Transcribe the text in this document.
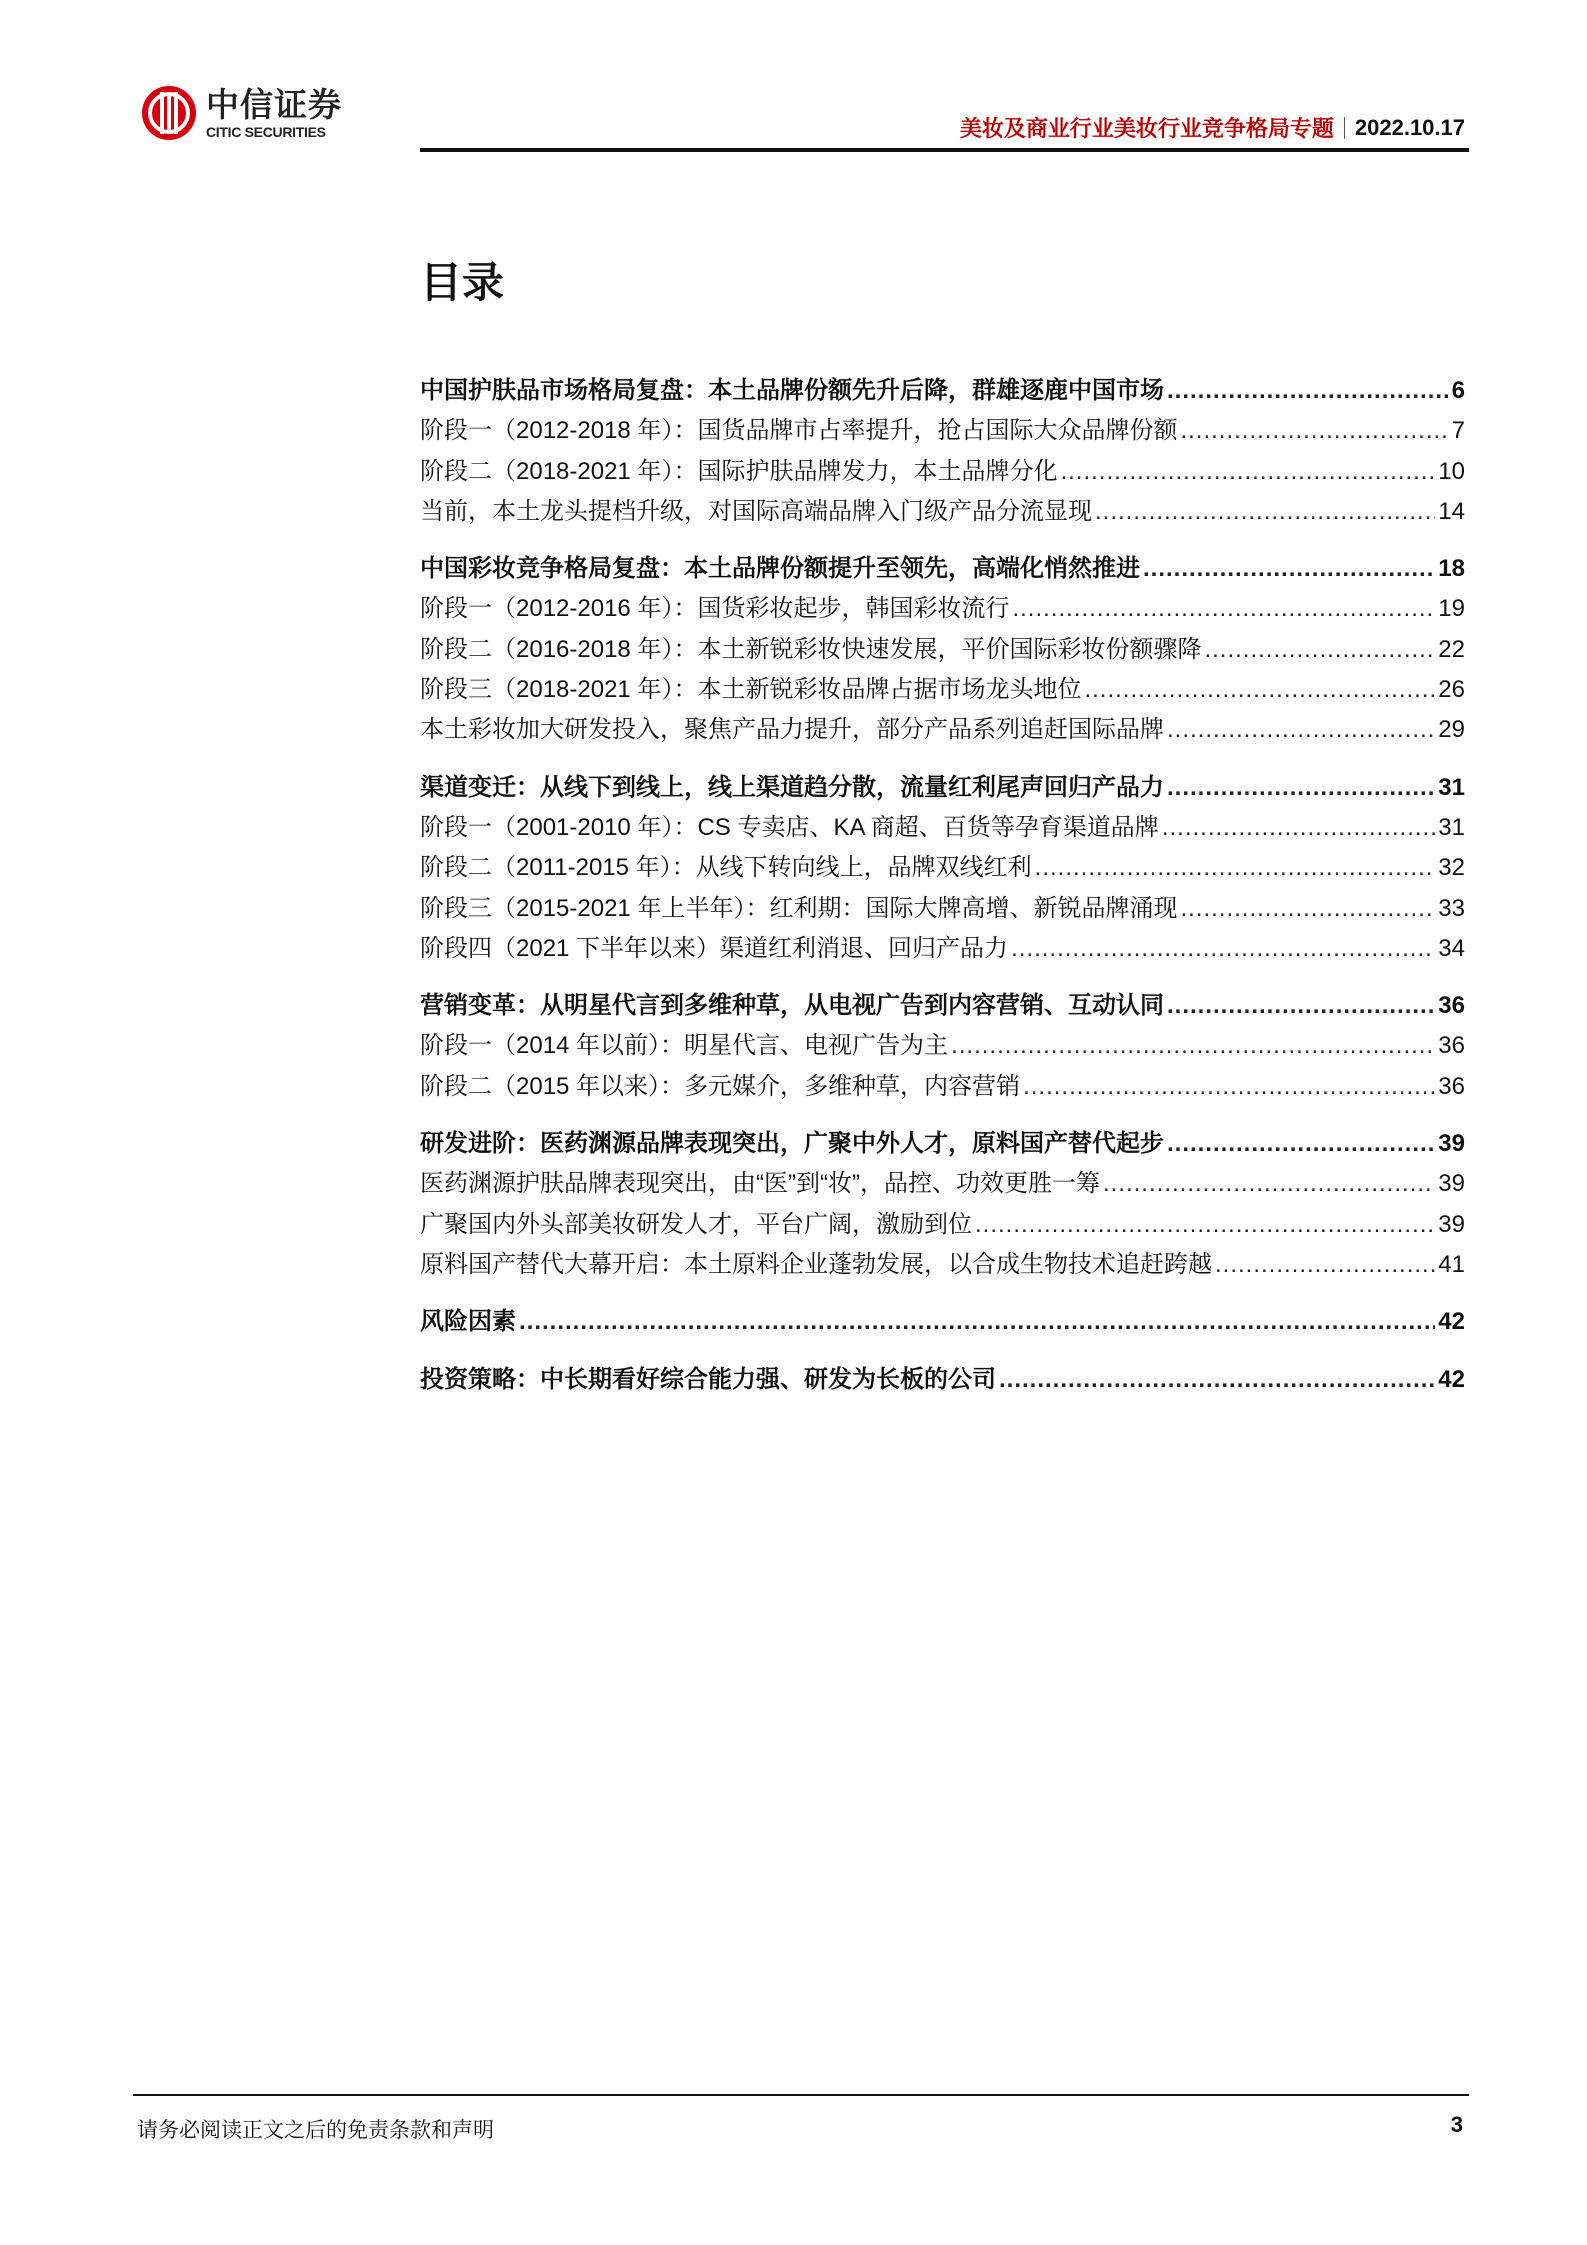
中信证券
CITIC SECURITIES	美妆及商业行业美妆行业竞争格局专题 2022.10.17
目录
中国护肤品市场格局复盘：本土品牌份额先升后降，群雄逐鹿中国市场 .....	6
阶段一（2012-2018 年）：国货品牌市占率提升，抢占国际大众品牌份额 .....	7
阶段二（2018-2021 年）：国际护肤品牌发力，本土品牌分化 .....	10
当前，本土龙头提档升级，对国际高端品牌入门级产品分流显现 .....	14
中国彩妆竞争格局复盘：本土品牌份额提升至领先，高端化悄然推进 .....	18
阶段一（2012-2016 年）：国货彩妆起步，韩国彩妆流行 .....	19
阶段二（2016-2018 年）：本土新锐彩妆快速发展，平价国际彩妆份额骤降 .....	22
阶段三（2018-2021 年）：本土新锐彩妆品牌占据市场龙头地位 .....	26
本土彩妆加大研发投入，聚焦产品力提升，部分产品系列追赶国际品牌 .....	29
渠道变迁：从线下到线上，线上渠道趋分散，流量红利尾声回归产品力 .....	31
阶段一（2001-2010 年）：CS 专卖店、KA 商超、百货等孕育渠道品牌 .....	31
阶段二（2011-2015 年）：从线下转向线上，品牌双线红利 .....	32
阶段三（2015-2021 年上半年）：红利期：国际大牌高增、新锐品牌涌现 .....	33
阶段四（2021 下半年以来）渠道红利消退、回归产品力 .....	34
营销变革：从明星代言到多维种草，从电视广告到内容营销、互动认同 .....	36
阶段一（2014 年以前）：明星代言、电视广告为主 .....	36
阶段二（2015 年以来）：多元媒介，多维种草，内容营销 .....	36
研发进阶：医药渊源品牌表现突出，广聚中外人才，原料国产替代起步 .....	39
医药渊源护肤品牌表现突出，由“医”到“妆”，品控、功效更胜一筹 .....	39
广聚国内外头部美妆研发人才，平台广阔，激励到位 .....	39
原料国产替代大幕开启：本土原料企业蓬勃发展，以合成生物技术追赶跨越 .....	41
风险因素 .....	42
投资策略：中长期看好综合能力强、研发为长板的公司 .....	42
请务必阅读正文之后的免责条款和声明	3
